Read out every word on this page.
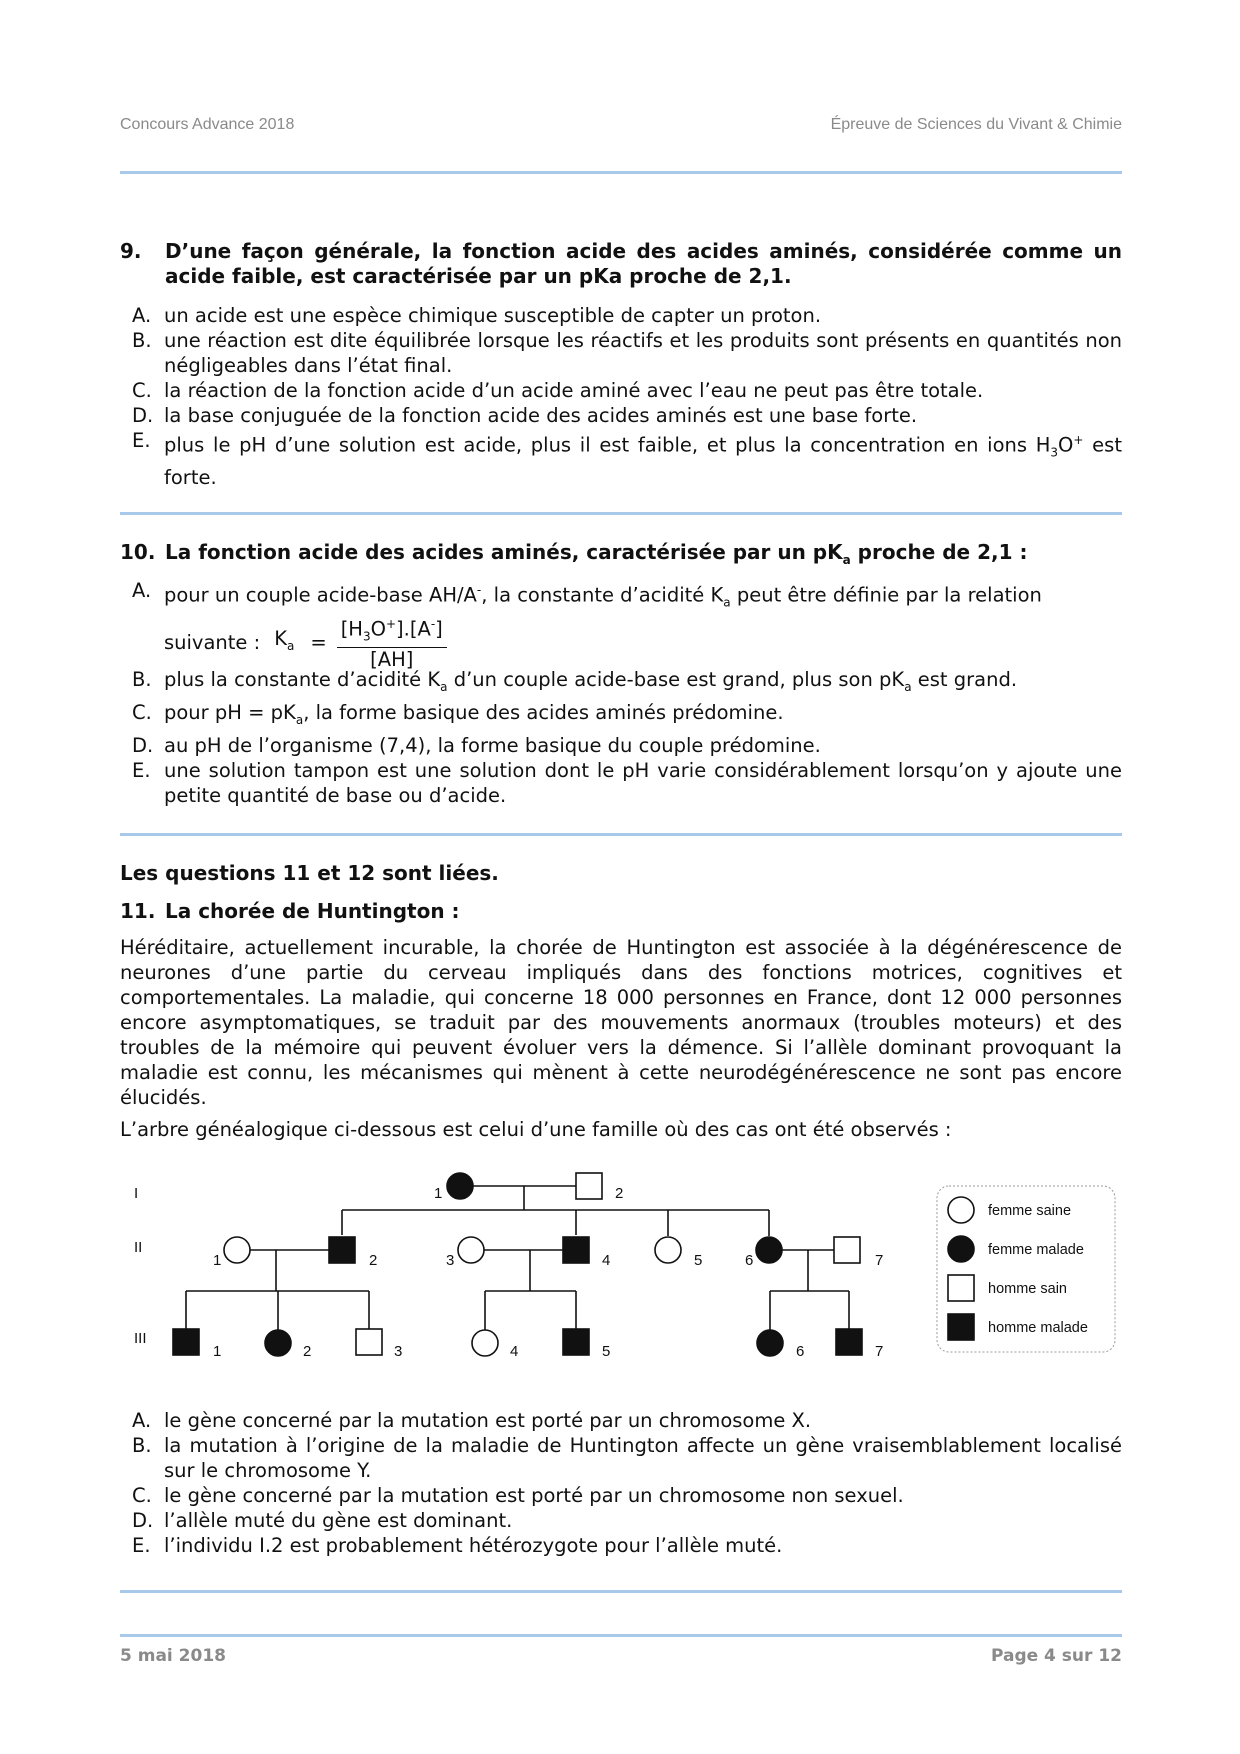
Concours Advance 2018	Épreuve de Sciences du Vivant & Chimie
9. D’une façon générale, la fonction acide des acides aminés, considérée comme un acide faible, est caractérisée par un pKa proche de 2,1.
A. un acide est une espèce chimique susceptible de capter un proton.
B. une réaction est dite équilibrée lorsque les réactifs et les produits sont présents en quantités non négligeables dans l’état final.
C. la réaction de la fonction acide d’un acide aminé avec l’eau ne peut pas être totale.
D. la base conjuguée de la fonction acide des acides aminés est une base forte.
E. plus le pH d’une solution est acide, plus il est faible, et plus la concentration en ions $H_3O^+$ est forte.
10. La fonction acide des acides aminés, caractérisée par un $pK_a$ proche de 2,1 :
A. pour un couple acide-base AH/A-, la constante d’acidité $K_a$ peut être définie par la relation
suivante : $K_a = \frac{[H_3O^+].[A^-]}{[AH]}$
B. plus la constante d’acidité $K_a$ d’un couple acide-base est grand, plus son $pK_a$ est grand.
C. pour pH = $pK_a$, la forme basique des acides aminés prédomine.
D. au pH de l’organisme (7,4), la forme basique du couple prédomine.
E. une solution tampon est une solution dont le pH varie considérablement lorsqu’on y ajoute une petite quantité de base ou d’acide.
Les questions 11 et 12 sont liées.
11. La chorée de Huntington :
Héréditaire, actuellement incurable, la chorée de Huntington est associée à la dégénérescence de neurones d’une partie du cerveau impliqués dans des fonctions motrices, cognitives et comportementales. La maladie, qui concerne 18 000 personnes en France, dont 12 000 personnes encore asymptomatiques, se traduit par des mouvements anormaux (troubles moteurs) et des troubles de la mémoire qui peuvent évoluer vers la démence. Si l’allèle dominant provoquant la maladie est connu, les mécanismes qui mènent à cette neurodégénérescence ne sont pas encore élucidés.
L’arbre généalogique ci-dessous est celui d’une famille où des cas ont été observés :
I
II
III
1	2
1	2	3	4	5	6	7
1	2	3	4	5	6	7
femme saine
femme malade
homme sain
homme malade
A. le gène concerné par la mutation est porté par un chromosome X.
B. la mutation à l’origine de la maladie de Huntington affecte un gène vraisemblablement localisé sur le chromosome Y.
C. le gène concerné par la mutation est porté par un chromosome non sexuel.
D. l’allèle muté du gène est dominant.
E. l’individu I.2 est probablement hétérozygote pour l’allèle muté.
5 mai 2018	Page 4 sur 12
